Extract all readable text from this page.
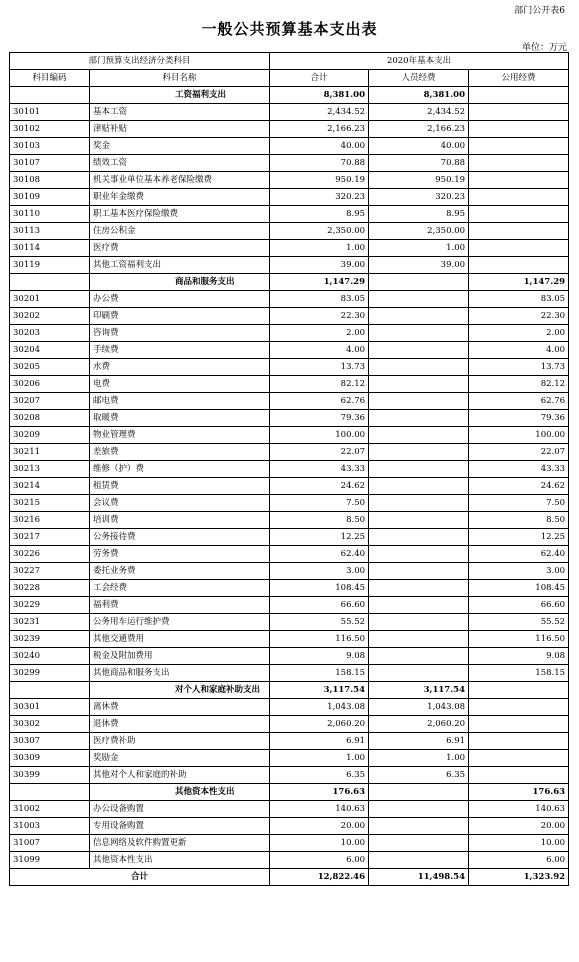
部门公开表6
一般公共预算基本支出表
单位：万元
部门预算支出经济分类科目		2020年基本支出		
科目编码	科目名称	合计	人员经费	公用经费
	工资福利支出	8,381.00	8,381.00	
30101	基本工资	2,434.52	2,434.52	
30102	津贴补贴	2,166.23	2,166.23	
30103	奖金	40.00	40.00	
30107	绩效工资	70.88	70.88	
30108	机关事业单位基本养老保险缴费	950.19	950.19	
30109	职业年金缴费	320.23	320.23	
30110	职工基本医疗保险缴费	8.95	8.95	
30113	住房公积金	2,350.00	2,350.00	
30114	医疗费	1.00	1.00	
30119	其他工资福利支出	39.00	39.00	
	商品和服务支出	1,147.29		1,147.29
30201	办公费	83.05		83.05
30202	印刷费	22.30		22.30
30203	咨询费	2.00		2.00
30204	手续费	4.00		4.00
30205	水费	13.73		13.73
30206	电费	82.12		82.12
30207	邮电费	62.76		62.76
30208	取暖费	79.36		79.36
30209	物业管理费	100.00		100.00
30211	差旅费	22.07		22.07
30213	维修（护）费	43.33		43.33
30214	租赁费	24.62		24.62
30215	会议费	7.50		7.50
30216	培训费	8.50		8.50
30217	公务接待费	12.25		12.25
30226	劳务费	62.40		62.40
30227	委托业务费	3.00		3.00
30228	工会经费	108.45		108.45
30229	福利费	66.60		66.60
30231	公务用车运行维护费	55.52		55.52
30239	其他交通费用	116.50		116.50
30240	税金及附加费用	9.08		9.08
30299	其他商品和服务支出	158.15		158.15
	对个人和家庭补助支出	3,117.54	3,117.54	
30301	离休费	1,043.08	1,043.08	
30302	退休费	2,060.20	2,060.20	
30307	医疗费补助	6.91	6.91	
30309	奖励金	1.00	1.00	
30399	其他对个人和家庭的补助	6.35	6.35	
	其他资本性支出	176.63		176.63
31002	办公设备购置	140.63		140.63
31003	专用设备购置	20.00		20.00
31007	信息网络及软件购置更新	10.00		10.00
31099	其他资本性支出	6.00		6.00
合计		12,822.46	11,498.54	1,323.92
